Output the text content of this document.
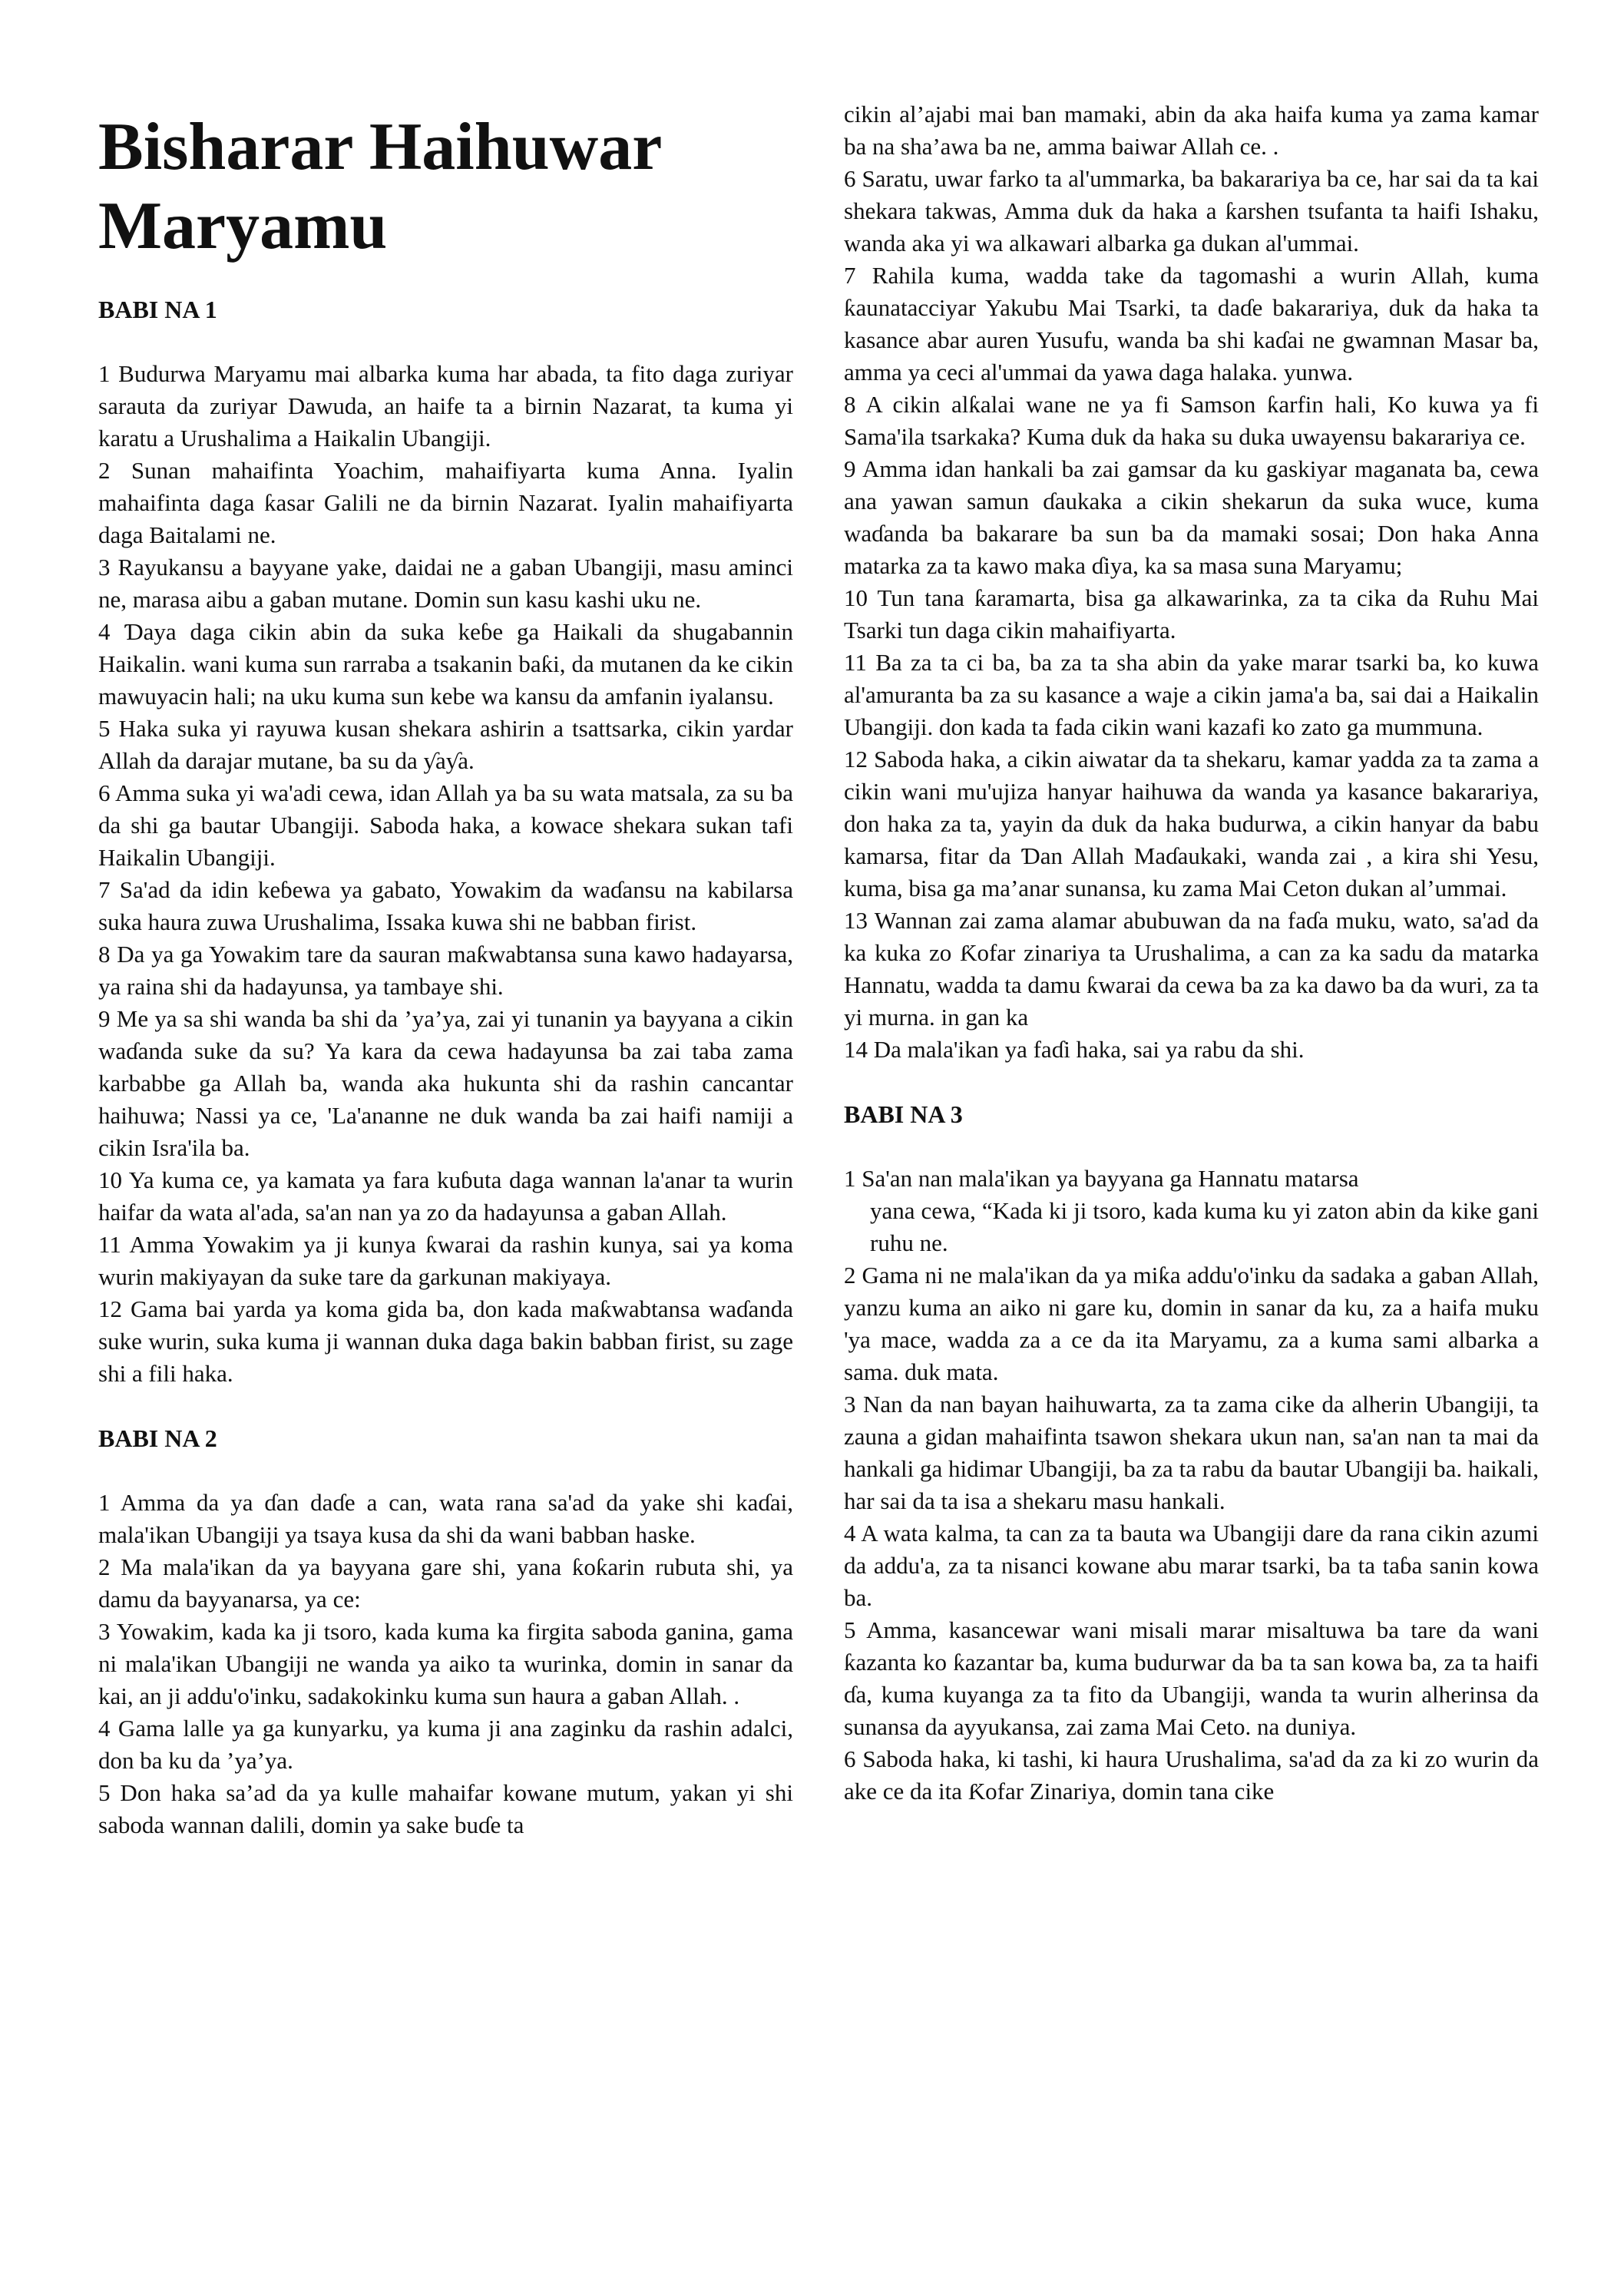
Bisharar Haihuwar Maryamu
BABI NA 1

1 Budurwa Maryamu mai albarka kuma har abada, ta fito daga zuriyar sarauta da zuriyar Dawuda, an haife ta a birnin Nazarat, ta kuma yi karatu a Urushalima a Haikalin Ubangiji.

2 Sunan mahaifinta Yoachim, mahaifiyarta kuma Anna. Iyalin mahaifinta daga ƙasar Galili ne da birnin Nazarat. Iyalin mahaifiyarta daga Baitalami ne.

3 Rayukansu a bayyane yake, daidai ne a gaban Ubangiji, masu aminci ne, marasa aibu a gaban mutane. Domin sun kasu kashi uku ne.

4 Ɗaya daga cikin abin da suka keɓe ga Haikali da shugabannin Haikalin. wani kuma sun rarraba a tsakanin baƙi, da mutanen da ke cikin mawuyacin hali; na uku kuma sun kebe wa kansu da amfanin iyalansu.

5 Haka suka yi rayuwa kusan shekara ashirin a tsattsarka, cikin yardar Allah da darajar mutane, ba su da ƴaƴa.

6 Amma suka yi wa'adi cewa, idan Allah ya ba su wata matsala, za su ba da shi ga bautar Ubangiji. Saboda haka, a kowace shekara sukan tafi Haikalin Ubangiji.

7 Sa'ad da idin keɓewa ya gabato, Yowakim da waɗansu na kabilarsa suka haura zuwa Urushalima, Issaka kuwa shi ne babban firist.

8 Da ya ga Yowakim tare da sauran maƙwabtansa suna kawo hadayarsa, ya raina shi da hadayunsa, ya tambaye shi.

9 Me ya sa shi wanda ba shi da ’ya’ya, zai yi tunanin ya bayyana a cikin waɗanda suke da su? Ya kara da cewa hadayunsa ba zai taba zama karbabbe ga Allah ba, wanda aka hukunta shi da rashin cancantar haihuwa; Nassi ya ce, 'La'ananne ne duk wanda ba zai haifi namiji a cikin Isra'ila ba.

10 Ya kuma ce, ya kamata ya fara kuɓuta daga wannan la'anar ta wurin haifar da wata al'ada, sa'an nan ya zo da hadayunsa a gaban Allah.

11 Amma Yowakim ya ji kunya ƙwarai da rashin kunya, sai ya koma wurin makiyayan da suke tare da garkunan makiyaya.

12 Gama bai yarda ya koma gida ba, don kada maƙwabtansa waɗanda suke wurin, suka kuma ji wannan duka daga bakin babban firist, su zage shi a fili haka.

BABI NA 2

1 Amma da ya ɗan daɗe a can, wata rana sa'ad da yake shi kaɗai, mala'ikan Ubangiji ya tsaya kusa da shi da wani babban haske.

2 Ma mala'ikan da ya bayyana gare shi, yana ƙoƙarin rubuta shi, ya damu da bayyanarsa, ya ce:

3 Yowakim, kada ka ji tsoro, kada kuma ka firgita saboda ganina, gama ni mala'ikan Ubangiji ne wanda ya aiko ta wurinka, domin in sanar da kai, an ji addu'o'inku, sadakokinku kuma sun haura a gaban Allah. .

4 Gama lalle ya ga kunyarku, ya kuma ji ana zaginku da rashin adalci, don ba ku da ’ya’ya.

5 Don haka sa’ad da ya kulle mahaifar kowane mutum, yakan yi shi saboda wannan dalili, domin ya sake buɗe ta

cikin al’ajabi mai ban mamaki, abin da aka haifa kuma ya zama kamar ba na sha’awa ba ne, amma baiwar Allah ce. .

6 Saratu, uwar farko ta al'ummarka, ba bakarariya ba ce, har sai da ta kai shekara takwas, Amma duk da haka a ƙarshen tsufanta ta haifi Ishaku, wanda aka yi wa alkawari albarka ga dukan al'ummai.

7 Rahila kuma, wadda take da tagomashi a wurin Allah, kuma ƙaunatacciyar Yakubu Mai Tsarki, ta daɗe bakarariya, duk da haka ta kasance abar auren Yusufu, wanda ba shi kaɗai ne gwamnan Masar ba, amma ya ceci al'ummai da yawa daga halaka. yunwa.

8 A cikin alƙalai wane ne ya fi Samson ƙarfin hali, Ko kuwa ya fi Sama'ila tsarkaka? Kuma duk da haka su duka uwayensu bakarariya ce.

9 Amma idan hankali ba zai gamsar da ku gaskiyar maganata ba, cewa ana yawan samun ɗaukaka a cikin shekarun da suka wuce, kuma waɗanda ba bakarare ba sun ba da mamaki sosai; Don haka Anna matarka za ta kawo maka ɗiya, ka sa masa suna Maryamu;

10 Tun tana ƙaramarta, bisa ga alkawarinka, za ta cika da Ruhu Mai Tsarki tun daga cikin mahaifiyarta.

11 Ba za ta ci ba, ba za ta sha abin da yake marar tsarki ba, ko kuwa al'amuranta ba za su kasance a waje a cikin jama'a ba, sai dai a Haikalin Ubangiji. don kada ta fada cikin wani kazafi ko zato ga mummuna.

12 Saboda haka, a cikin aiwatar da ta shekaru, kamar yadda za ta zama a cikin wani mu'ujiza hanyar haihuwa da wanda ya kasance bakarariya, don haka za ta, yayin da duk da haka budurwa, a cikin hanyar da babu kamarsa, fitar da Ɗan Allah Maɗaukaki, wanda zai , a kira shi Yesu, kuma, bisa ga ma’anar sunansa, ku zama Mai Ceton dukan al’ummai.

13 Wannan zai zama alamar abubuwan da na faɗa muku, wato, sa'ad da ka kuka zo Ƙofar zinariya ta Urushalima, a can za ka sadu da matarka Hannatu, wadda ta damu ƙwarai da cewa ba za ka dawo ba da wuri, za ta yi murna. in gan ka

14 Da mala'ikan ya faɗi haka, sai ya rabu da shi.

BABI NA 3

1 Sa'an nan mala'ikan ya bayyana ga Hannatu matarsa
yana cewa, “Kada ki ji tsoro, kada kuma ku yi zaton abin da kike gani ruhu ne.

2 Gama ni ne mala'ikan da ya miƙa addu'o'inku da sadaka a gaban Allah, yanzu kuma an aiko ni gare ku, domin in sanar da ku, za a haifa muku 'ya mace, wadda za a ce da ita Maryamu, za a kuma sami albarka a sama. duk mata.

3 Nan da nan bayan haihuwarta, za ta zama cike da alherin Ubangiji, ta zauna a gidan mahaifinta tsawon shekara ukun nan, sa'an nan ta mai da hankali ga hidimar Ubangiji, ba za ta rabu da bautar Ubangiji ba. haikali, har sai da ta isa a shekaru masu hankali.

4 A wata kalma, ta can za ta bauta wa Ubangiji dare da rana cikin azumi da addu'a, za ta nisanci kowane abu marar tsarki, ba ta taɓa sanin kowa ba.

5 Amma, kasancewar wani misali marar misaltuwa ba tare da wani ƙazanta ko ƙazantar ba, kuma budurwar da ba ta san kowa ba, za ta haifi ɗa, kuma kuyanga za ta fito da Ubangiji, wanda ta wurin alherinsa da sunansa da ayyukansa, zai zama Mai Ceto. na duniya.

6 Saboda haka, ki tashi, ki haura Urushalima, sa'ad da za ki zo wurin da ake ce da ita Ƙofar Zinariya, domin tana cike
